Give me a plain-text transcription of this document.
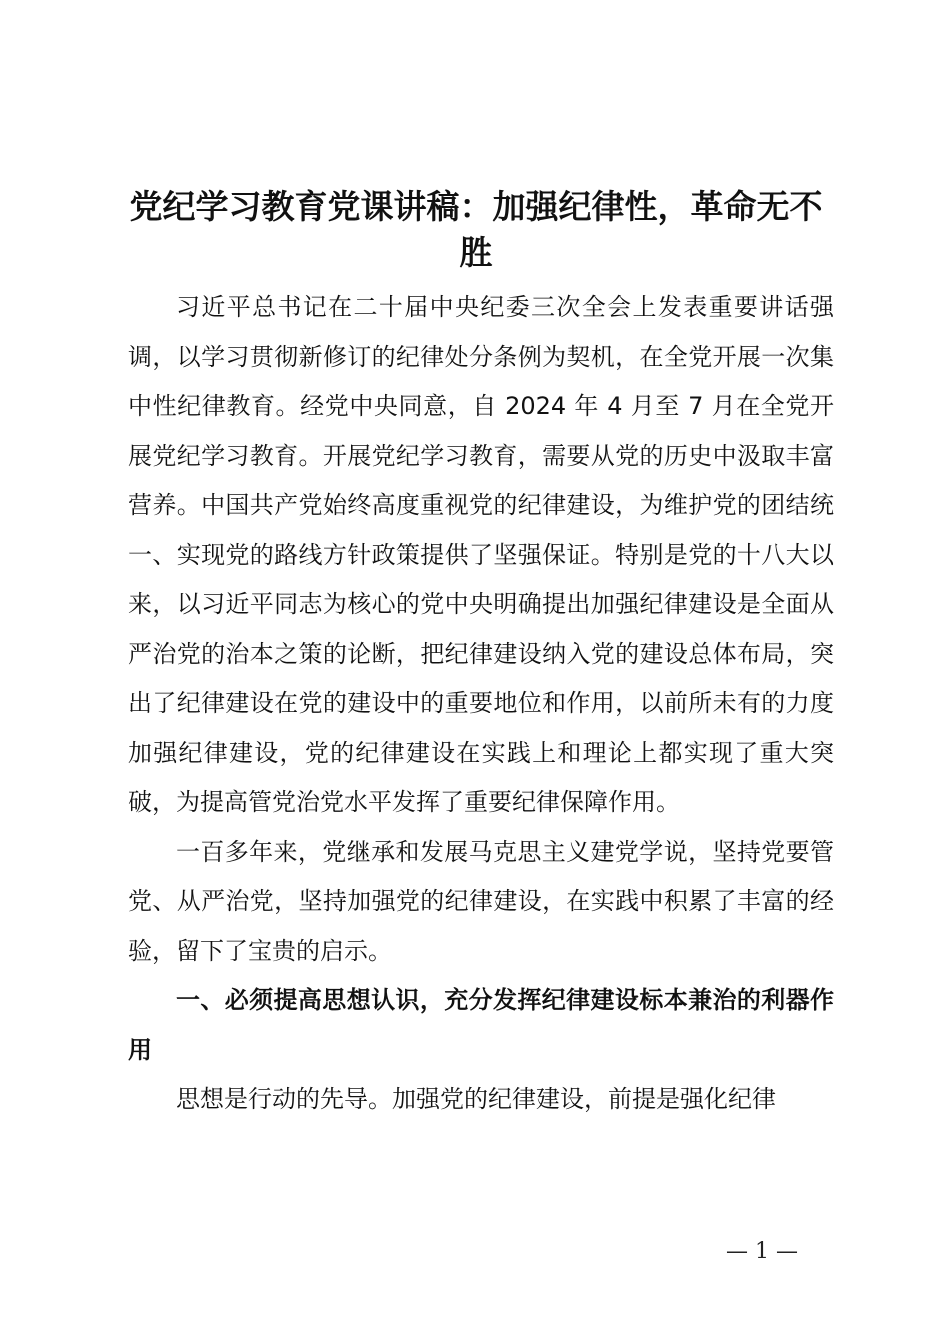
党纪学习教育党课讲稿：加强纪律性，革命无不胜

习近平总书记在二十届中央纪委三次全会上发表重要讲话强调，以学习贯彻新修订的纪律处分条例为契机，在全党开展一次集中性纪律教育。经党中央同意，自 2024 年 4 月至 7 月在全党开展党纪学习教育。开展党纪学习教育，需要从党的历史中汲取丰富营养。中国共产党始终高度重视党的纪律建设，为维护党的团结统一、实现党的路线方针政策提供了坚强保证。特别是党的十八大以来，以习近平同志为核心的党中央明确提出加强纪律建设是全面从严治党的治本之策的论断，把纪律建设纳入党的建设总体布局，突出了纪律建设在党的建设中的重要地位和作用，以前所未有的力度加强纪律建设，党的纪律建设在实践上和理论上都实现了重大突破，为提高管党治党水平发挥了重要纪律保障作用。

一百多年来，党继承和发展马克思主义建党学说，坚持党要管党、从严治党，坚持加强党的纪律建设，在实践中积累了丰富的经验，留下了宝贵的启示。

一、必须提高思想认识，充分发挥纪律建设标本兼治的利器作用

思想是行动的先导。加强党的纪律建设，前提是强化纪律

— 1 —
